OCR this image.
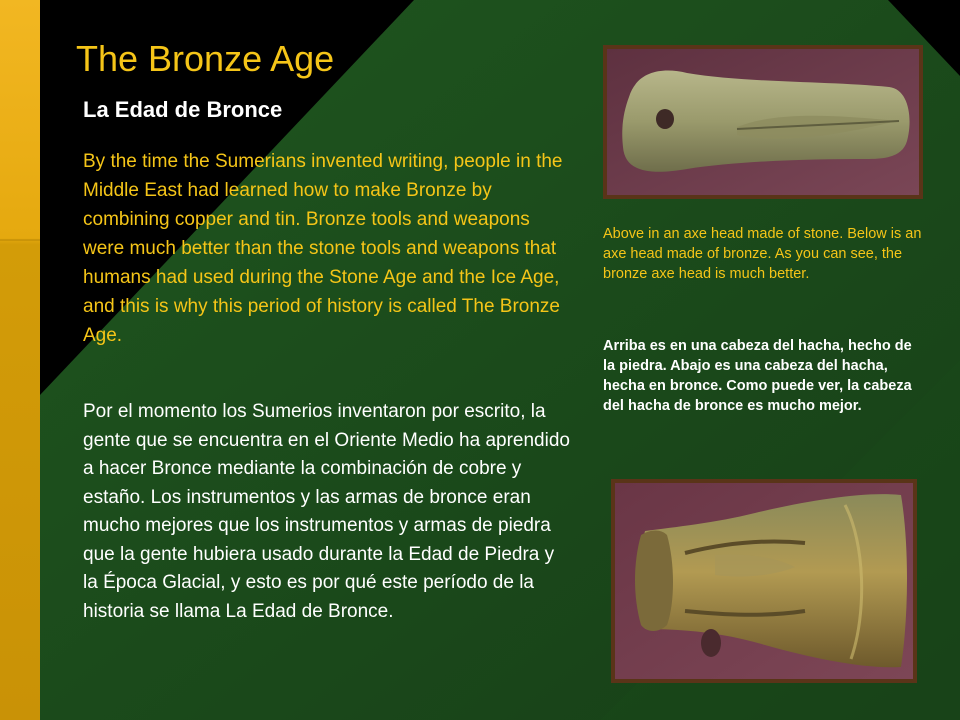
The Bronze Age
La Edad de Bronce

By the time the Sumerians invented writing, people in the Middle East had learned how to make Bronze by combining copper and tin. Bronze tools and weapons were much better than the stone tools and weapons that humans had used during the Stone Age and the Ice Age, and this is why this period of history is called The Bronze Age.

Por el momento los Sumerios inventaron por escrito, la gente que se encuentra en el Oriente Medio ha aprendido a hacer Bronce mediante la combinación de cobre y estaño. Los instrumentos y las armas de bronce eran mucho mejores que los instrumentos y armas de piedra que la gente hubiera usado durante la Edad de Piedra y la Época Glacial, y esto es por qué este período de la historia se llama La Edad de Bronce.

Above in an axe head made of stone. Below is an axe head made of bronze. As you can see, the bronze axe head is much better.

Arriba es en una cabeza del hacha, hecho de la piedra. Abajo es una cabeza del hacha, hecha en bronce. Como puede ver, la cabeza del hacha de bronce es mucho mejor.
